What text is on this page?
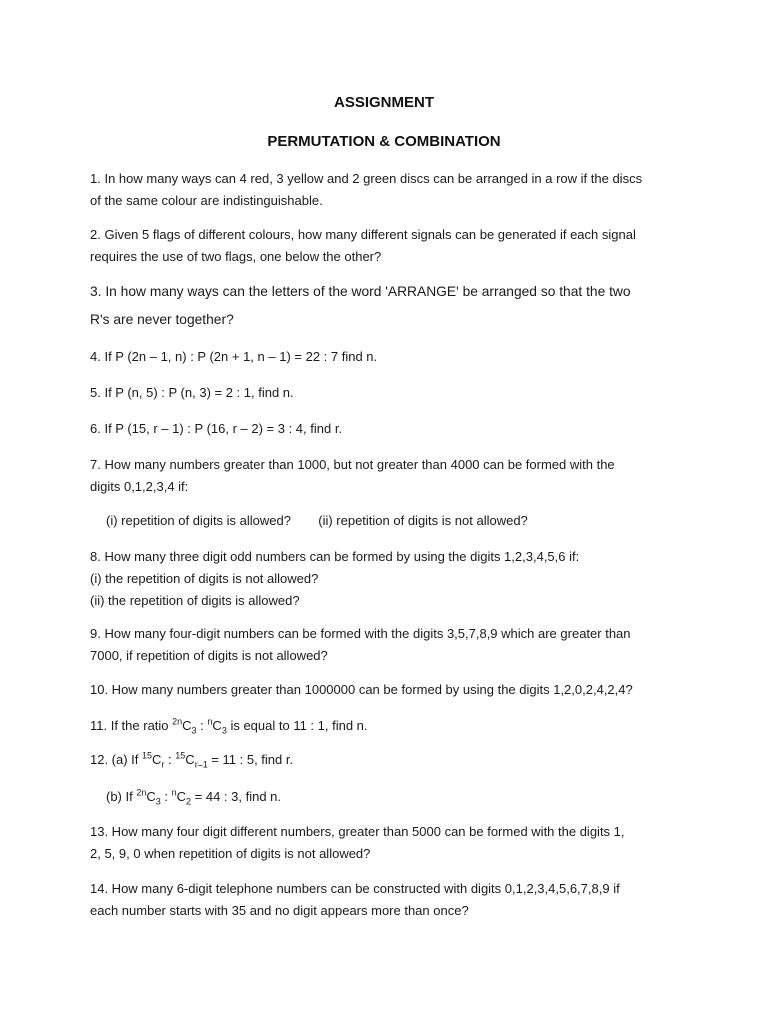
ASSIGNMENT
PERMUTATION & COMBINATION
1. In how many ways can 4 red, 3 yellow and 2 green discs can be arranged in a row if the discs
of the same colour are indistinguishable.
2. Given 5 flags of different colours, how many different signals can be generated if each signal
requires the use of two flags, one below the other?
3. In how many ways can the letters of the word 'ARRANGE' be arranged so that the two
R's are never together?
4. If P (2n – 1, n) : P (2n + 1, n – 1) = 22 : 7 find n.
5. If P (n, 5) : P (n, 3) = 2 : 1, find n.
6. If P (15, r – 1) : P (16, r – 2) = 3 : 4, find r.
7. How many numbers greater than 1000, but not greater than 4000 can be formed with the
digits 0,1,2,3,4 if:
(i) repetition of digits is allowed? (ii) repetition of digits is not allowed?
8. How many three digit odd numbers can be formed by using the digits 1,2,3,4,5,6 if:
(i) the repetition of digits is not allowed?
(ii) the repetition of digits is allowed?
9. How many four-digit numbers can be formed with the digits 3,5,7,8,9 which are greater than
7000, if repetition of digits is not allowed?
10. How many numbers greater than 1000000 can be formed by using the digits 1,2,0,2,4,2,4?
11. If the ratio $^{2n}C_3$ : $^nC_3$ is equal to 11 : 1, find n.
12. (a) If $^{15}C_r$ : $^{15}C_{r-1} = 11$ : 5, find r.
(b) If $^{2n}C_3$ : $^nC_2 = 44$ : 3, find n.
13. How many four digit different numbers, greater than 5000 can be formed with the digits 1,
2, 5, 9, 0 when repetition of digits is not allowed?
14. How many 6-digit telephone numbers can be constructed with digits 0,1,2,3,4,5,6,7,8,9 if
each number starts with 35 and no digit appears more than once?
